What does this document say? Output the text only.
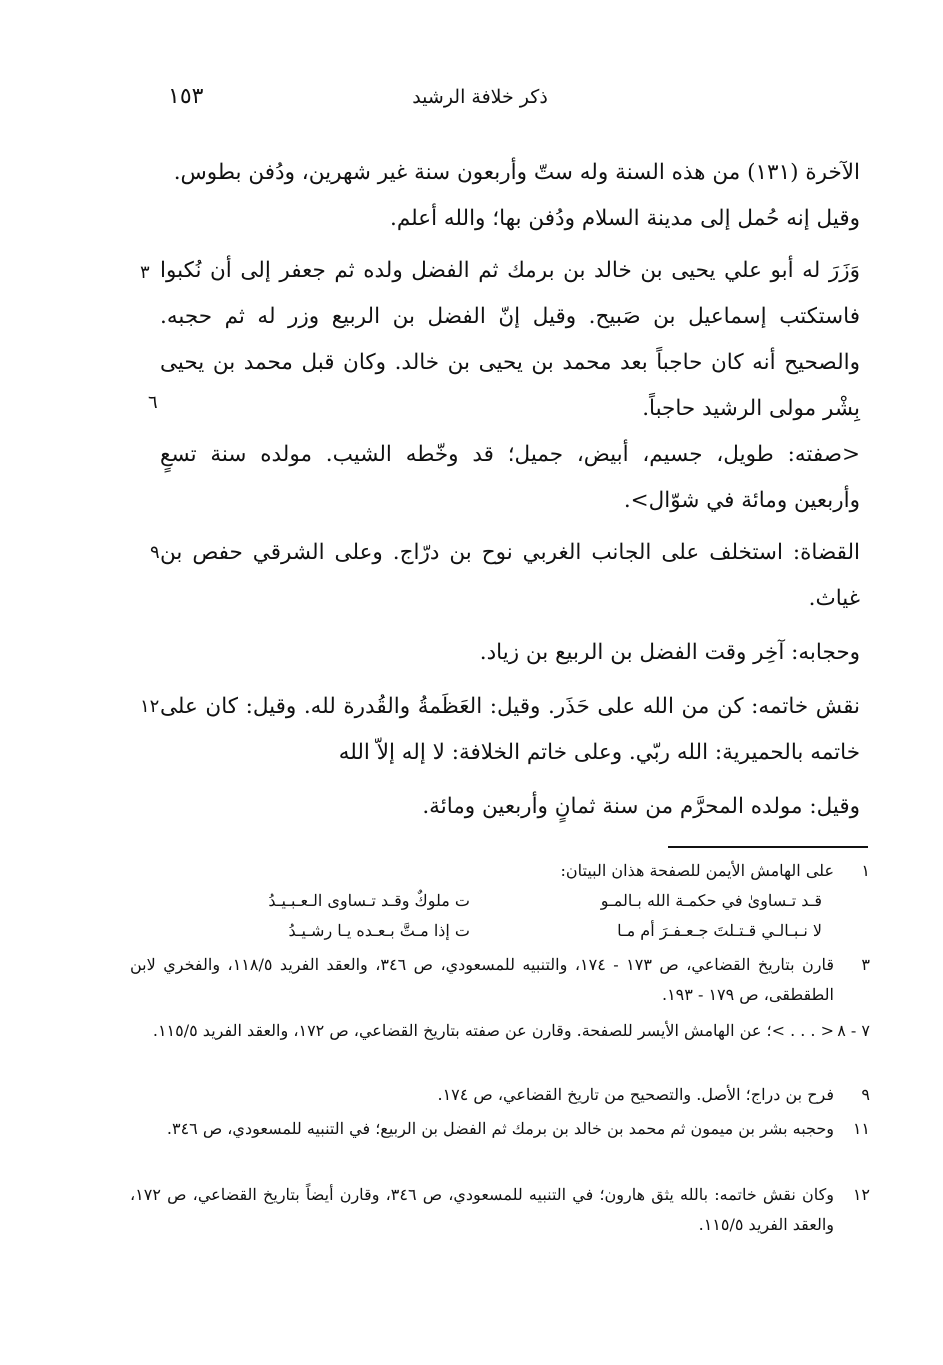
ذكر خلافة الرشيد
١٥٣

الآخرة (١٣١) من هذه السنة وله ستّ وأربعون سنة غير شهرين، ودُفن بطوس.

وقيل إنه حُمل إلى مدينة السلام ودُفن بها؛ والله أعلم.

وَزَرَ له أبو علي يحيى بن خالد بن برمك ثم الفضل ولده ثم جعفر إلى أن نُكبوا فاستكتب إسماعيل بن صَبيح. وقيل إنّ الفضل بن الربيع وزر له ثم حجبه. والصحيح أنه كان حاجباً بعد محمد بن يحيى بن خالد. وكان قبل محمد بن يحيى بِشْر مولى الرشيد حاجباً.

٣
٦

<صفته: طويل، جسيم، أبيض، جميل؛ قد وخّطه الشيب. مولده سنة تسعٍ وأربعين ومائة في شوّال>.

القضاة: استخلف على الجانب الغربي نوح بن درّاج. وعلى الشرقي حفص بن غياث.

٩

وحجابه: آخِر وقت الفضل بن الربيع بن زياد.

نقش خاتمه: كن من الله على حَذَر. وقيل: العَظَمةُ والقُدرة لله. وقيل: كان على خاتمه بالحميرية: الله ربّي. وعلى خاتم الخلافة: لا إله إلاّ الله

١٢

وقيل: مولده المحرَّم من سنة ثمانٍ وأربعين ومائة.

١
على الهامش الأيمن للصفحة هذان البيتان:
قـد تـساوىٰ في حكمـة الله بـالمـو
ت ملوكٌ وقـد تـساوى الـعـبـيـدُ
لا نـبـالـي قـتـلتَ جـعـفـرَ أم مـا
ت إذا مـتَّ بـعـده يـا رشـيـدُ
٣
قارن بتاريخ القضاعي، ص ١٧٣ - ١٧٤، والتنبيه للمسعودي، ص ٣٤٦، والعقد الفريد ١١٨/٥، والفخري لابن الطقطقى، ص ١٧٩ - ١٩٣.
٧ - ٨
< . . . >؛ عن الهامش الأيسر للصفحة. وقارن عن صفته بتاريخ القضاعي، ص ١٧٢، والعقد الفريد ١١٥/٥.
٩
فرح بن دراج؛ الأصل. والتصحيح من تاريخ القضاعي، ص ١٧٤.
١١
وحجبه بشر بن ميمون ثم محمد بن خالد بن برمك ثم الفضل بن الربيع؛ في التنبيه للمسعودي، ص ٣٤٦.
١٢
وكان نقش خاتمه: بالله يثق هارون؛ في التنبيه للمسعودي، ص ٣٤٦، وقارن أيضاً بتاريخ القضاعي، ص ١٧٢، والعقد الفريد ١١٥/٥.
